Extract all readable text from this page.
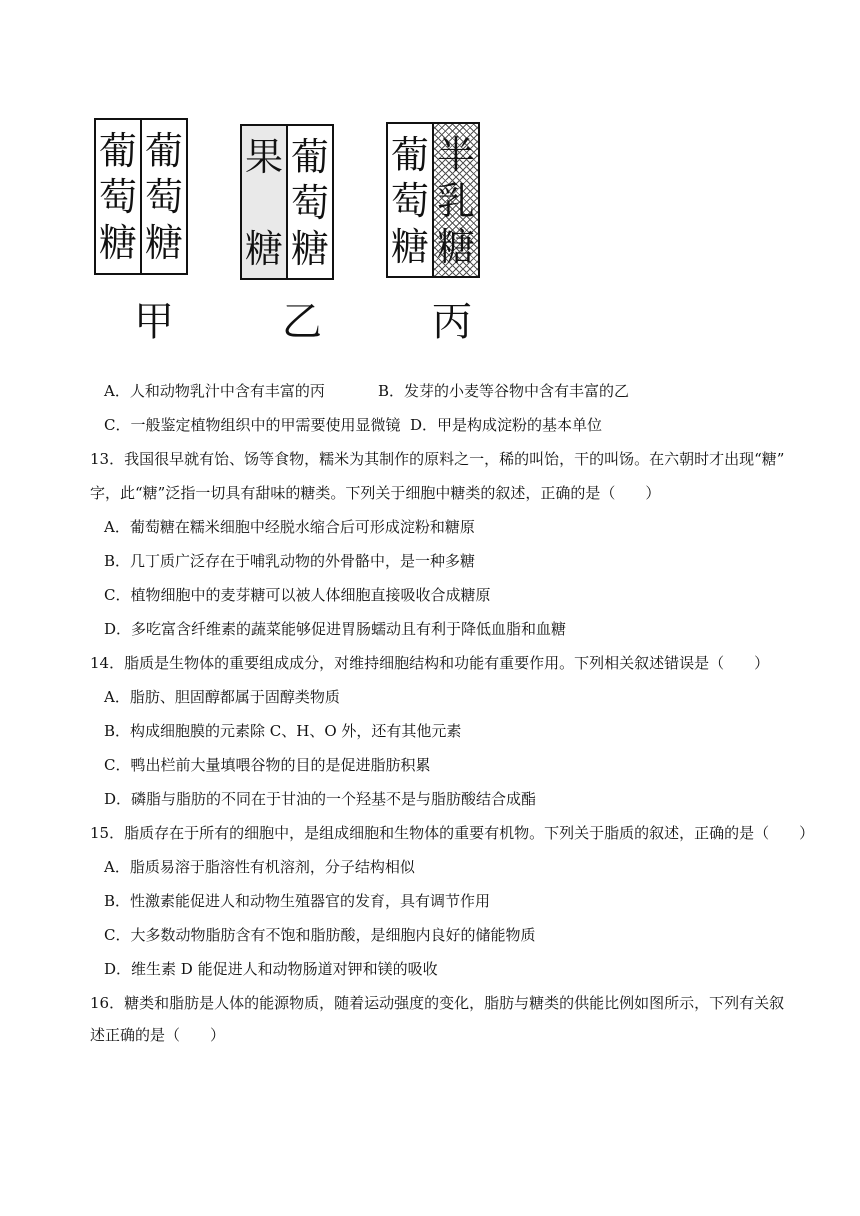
葡
萄
糖
葡
萄
糖
果
糖
葡
萄
糖
葡
萄
糖
半
乳
糖
甲	乙	丙
A．人和动物乳汁中含有丰富的丙	B．发芽的小麦等谷物中含有丰富的乙
C．一般鉴定植物组织中的甲需要使用显微镜 D．甲是构成淀粉的基本单位
13．我国很早就有饴、饧等食物，糯米为其制作的原料之一，稀的叫饴，干的叫饧。在六朝时才出现“糖”
字，此“糖”泛指一切具有甜味的糖类。下列关于细胞中糖类的叙述，正确的是（　　）
A．葡萄糖在糯米细胞中经脱水缩合后可形成淀粉和糖原
B．几丁质广泛存在于哺乳动物的外骨骼中，是一种多糖
C．植物细胞中的麦芽糖可以被人体细胞直接吸收合成糖原
D．多吃富含纤维素的蔬菜能够促进胃肠蠕动且有利于降低血脂和血糖
14．脂质是生物体的重要组成成分，对维持细胞结构和功能有重要作用。下列相关叙述错误是（　　）
A．脂肪、胆固醇都属于固醇类物质
B．构成细胞膜的元素除 C、H、O 外，还有其他元素
C．鸭出栏前大量填喂谷物的目的是促进脂肪积累
D．磷脂与脂肪的不同在于甘油的一个羟基不是与脂肪酸结合成酯
15．脂质存在于所有的细胞中，是组成细胞和生物体的重要有机物。下列关于脂质的叙述，正确的是（　　）
A．脂质易溶于脂溶性有机溶剂，分子结构相似
B．性激素能促进人和动物生殖器官的发育，具有调节作用
C．大多数动物脂肪含有不饱和脂肪酸，是细胞内良好的储能物质
D．维生素 D 能促进人和动物肠道对钾和镁的吸收
16．糖类和脂肪是人体的能源物质，随着运动强度的变化，脂肪与糖类的供能比例如图所示，下列有关叙
述正确的是（　　）
